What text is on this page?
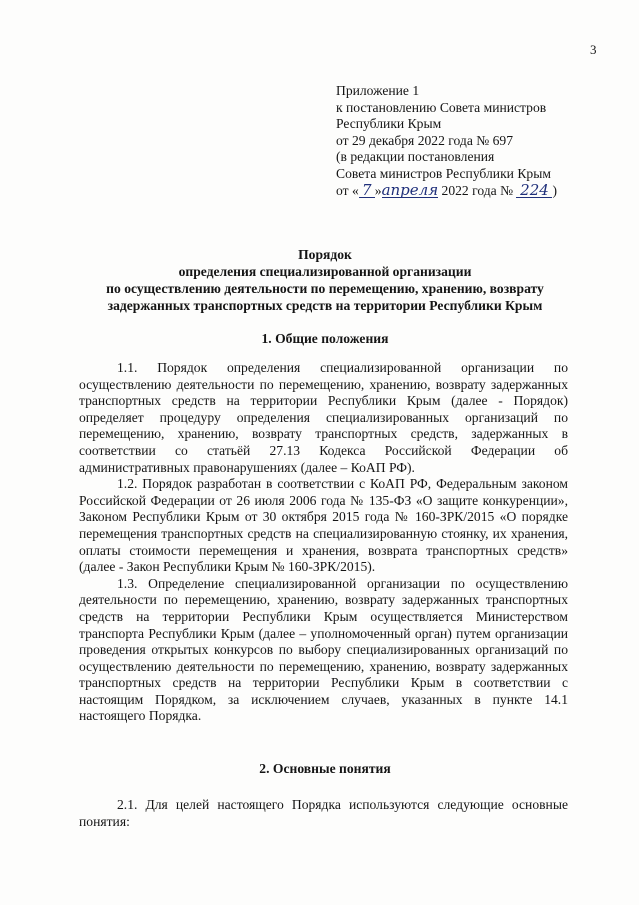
3
Приложение 1
к постановлению Совета министров
Республики Крым
от 29 декабря 2022 года № 697
(в редакции постановления
Совета министров Республики Крым
от « 7 »апреля 2022 года № 224 )
Порядок
определения специализированной организации
по осуществлению деятельности по перемещению, хранению, возврату
задержанных транспортных средств на территории Республики Крым
1. Общие положения

1.1. Порядок определения специализированной организации по осуществлению деятельности по перемещению, хранению, возврату задержанных транспортных средств на территории Республики Крым (далее - Порядок) определяет процедуру определения специализированных организаций по перемещению, хранению, возврату транспортных средств, задержанных в соответствии со статьёй 27.13 Кодекса Российской Федерации об административных правонарушениях (далее – КоАП РФ).

1.2. Порядок разработан в соответствии с КоАП РФ, Федеральным законом Российской Федерации от 26 июля 2006 года № 135-ФЗ «О защите конкуренции», Законом Республики Крым от 30 октября 2015 года № 160-ЗРК/2015 «О порядке перемещения транспортных средств на специализированную стоянку, их хранения, оплаты стоимости перемещения и хранения, возврата транспортных средств» (далее - Закон Республики Крым № 160-ЗРК/2015).

1.3. Определение специализированной организации по осуществлению деятельности по перемещению, хранению, возврату задержанных транспортных средств на территории Республики Крым осуществляется Министерством транспорта Республики Крым (далее – уполномоченный орган) путем организации проведения открытых конкурсов по выбору специализированных организаций по осуществлению деятельности по перемещению, хранению, возврату задержанных транспортных средств на территории Республики Крым в соответствии с настоящим Порядком, за исключением случаев, указанных в пункте 14.1 настоящего Порядка.

2. Основные понятия

2.1. Для целей настоящего Порядка используются следующие основные понятия:
